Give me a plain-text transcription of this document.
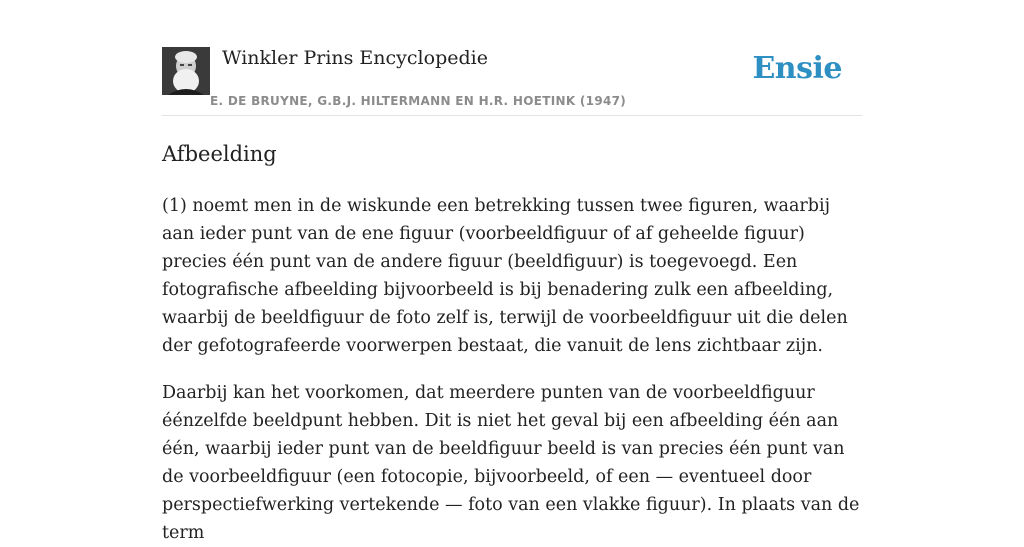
Winkler Prins Encyclopedie
E. DE BRUYNE, G.B.J. HILTERMANN EN H.R. HOETINK (1947)
Ensie
Afbeelding

(1) noemt men in de wiskunde een betrekking tussen twee figuren, waarbij aan ieder punt van de ene figuur (voorbeeldfiguur of af geheelde figuur) precies één punt van de andere figuur (beeldfiguur) is toegevoegd. Een fotografische afbeelding bijvoorbeeld is bij benadering zulk een afbeelding, waarbij de beeldfiguur de foto zelf is, terwijl de voorbeeldfiguur uit die delen der gefotografeerde voorwerpen bestaat, die vanuit de lens zichtbaar zijn.

Daarbij kan het voorkomen, dat meerdere punten van de voorbeeldfiguur éénzelfde beeldpunt hebben. Dit is niet het geval bij een afbeelding één aan één, waarbij ieder punt van de beeldfiguur beeld is van precies één punt van de voorbeeldfiguur (een fotocopie, bijvoorbeeld, of een — eventueel door perspectiefwerking vertekende — foto van een vlakke figuur). In plaats van de term
